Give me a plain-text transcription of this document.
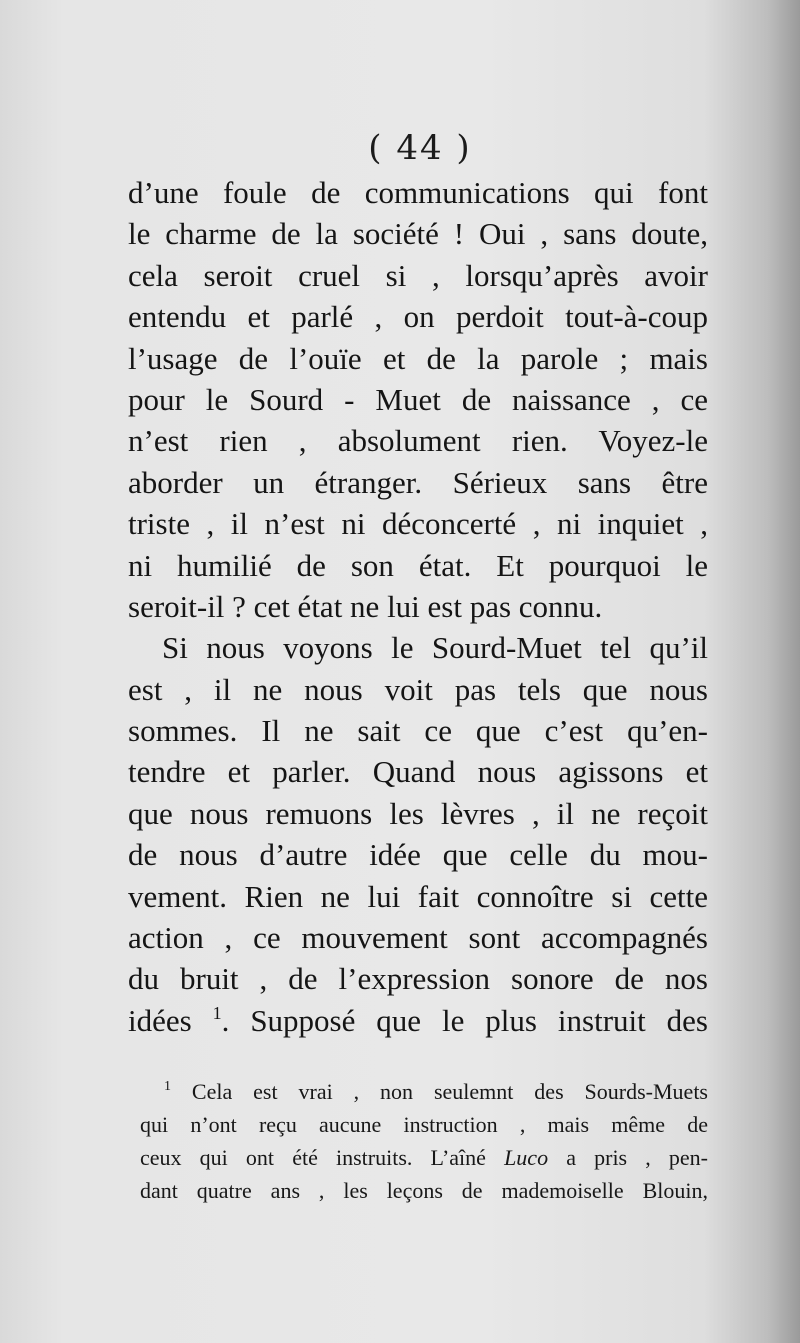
( 44 )
d’une foule de communications qui font
le charme de la société ! Oui , sans doute,
cela seroit cruel si , lorsqu’après avoir
entendu et parlé , on perdoit tout-à-coup
l’usage de l’ouïe et de la parole ; mais
pour le Sourd - Muet de naissance , ce
n’est rien , absolument rien. Voyez-le
aborder un étranger. Sérieux sans être
triste , il n’est ni déconcerté , ni inquiet ,
ni humilié de son état. Et pourquoi le
seroit-il ? cet état ne lui est pas connu.
Si nous voyons le Sourd-Muet tel qu’il
est , il ne nous voit pas tels que nous
sommes. Il ne sait ce que c’est qu’en-
tendre et parler. Quand nous agissons et
que nous remuons les lèvres , il ne reçoit
de nous d’autre idée que celle du mou-
vement. Rien ne lui fait connoître si cette
action , ce mouvement sont accompagnés
du bruit , de l’expression sonore de nos
idées $^1$. Supposé que le plus instruit des
$^1$ Cela est vrai , non seulemnt des Sourds-Muets
qui n’ont reçu aucune instruction , mais même de
ceux qui ont été instruits. L’aîné Luco a pris , pen-
dant quatre ans , les leçons de mademoiselle Blouin,
